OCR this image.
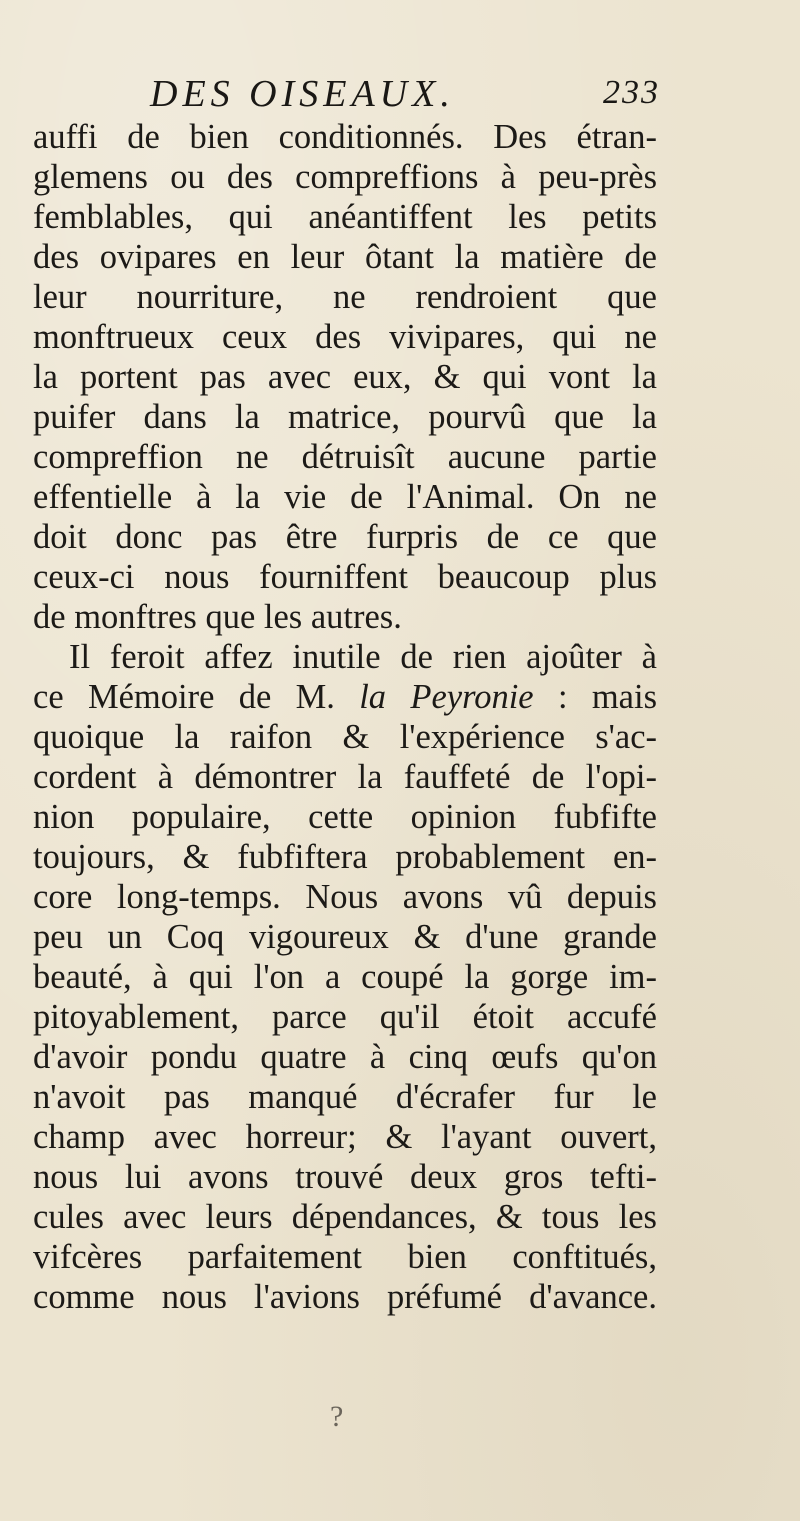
DES OISEAUX.	233
auffi de bien conditionnés. Des étran-
glemens ou des compreffions à peu-près
femblables, qui anéantiffent les petits
des ovipares en leur ôtant la matière de
leur nourriture, ne rendroient que
monftrueux ceux des vivipares, qui ne
la portent pas avec eux, & qui vont la
puifer dans la matrice, pourvû que la
compreffion ne détruisît aucune partie
effentielle à la vie de l'Animal. On ne
doit donc pas être furpris de ce que
ceux-ci nous fourniffent beaucoup plus
de monftres que les autres.
Il feroit affez inutile de rien ajoûter à
ce Mémoire de M. la Peyronie : mais
quoique la raifon & l'expérience s'ac-
cordent à démontrer la fauffeté de l'opi-
nion populaire, cette opinion fubfifte
toujours, & fubfiftera probablement en-
core long-temps. Nous avons vû depuis
peu un Coq vigoureux & d'une grande
beauté, à qui l'on a coupé la gorge im-
pitoyablement, parce qu'il étoit accufé
d'avoir pondu quatre à cinq œufs qu'on
n'avoit pas manqué d'écrafer fur le
champ avec horreur; & l'ayant ouvert,
nous lui avons trouvé deux gros tefti-
cules avec leurs dépendances, & tous les
vifcères parfaitement bien conftitués,
comme nous l'avions préfumé d'avance.
?
